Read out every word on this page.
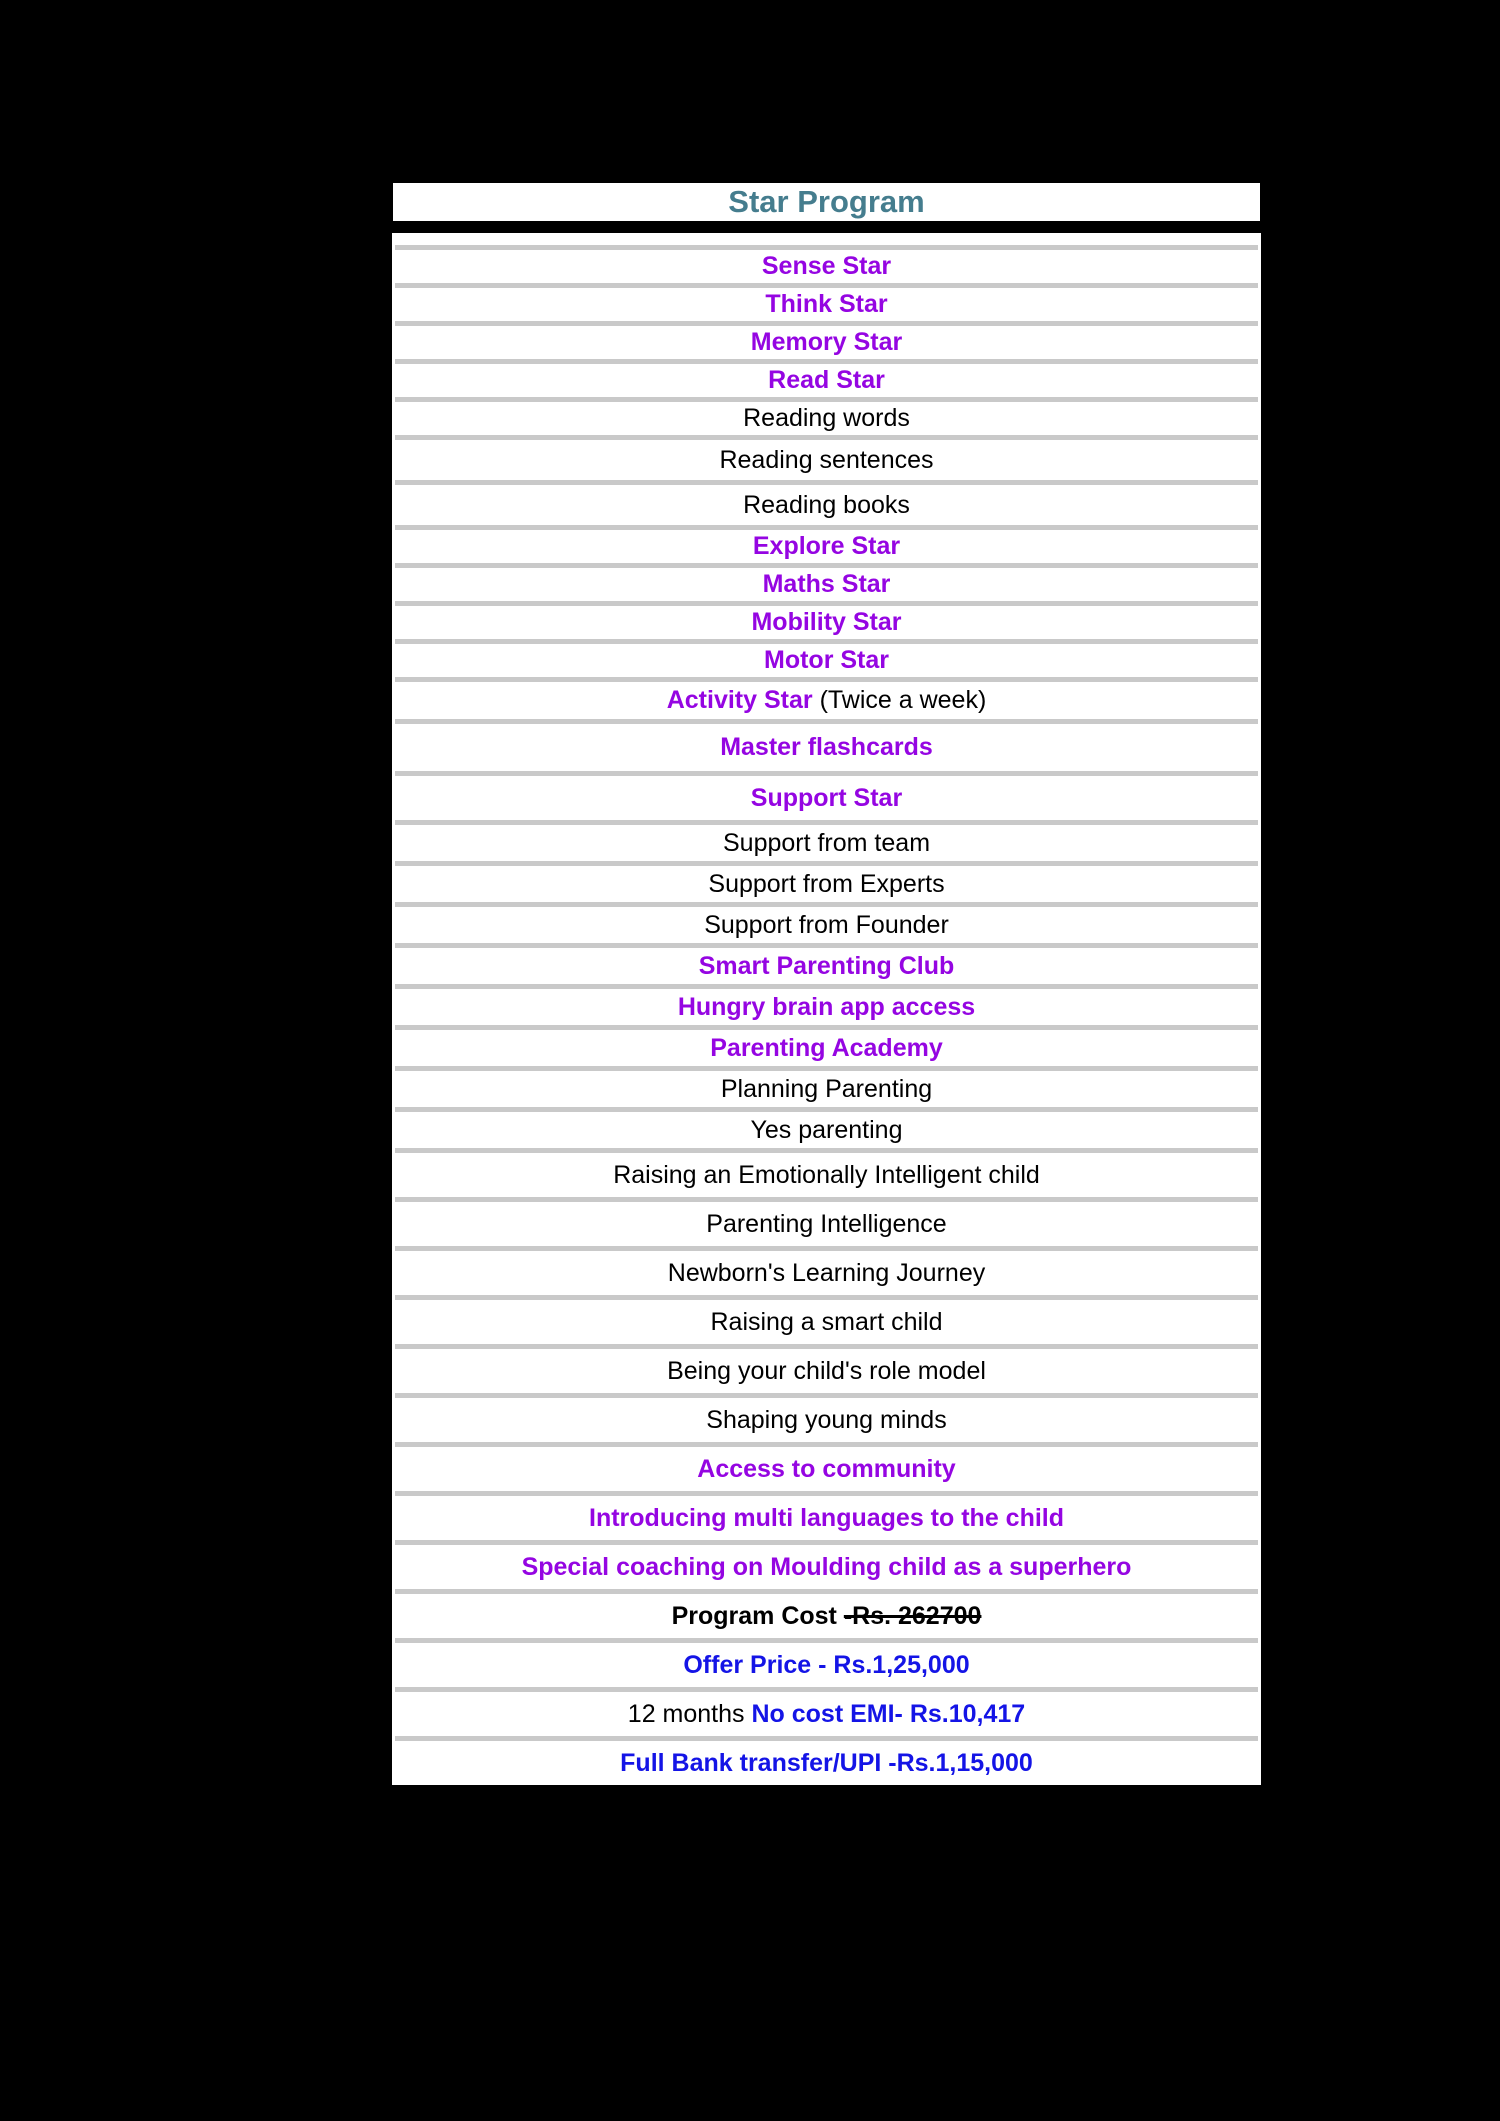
Star Program
Sense Star
Think Star
Memory Star
Read Star
Reading words
Reading sentences
Reading books
Explore Star
Maths Star
Mobility Star
Motor Star
Activity Star (Twice a week)
Master flashcards
Support Star
Support from team
Support from Experts
Support from Founder
Smart Parenting Club
Hungry brain app access
Parenting Academy
Planning Parenting
Yes parenting
Raising an Emotionally Intelligent child
Parenting Intelligence
Newborn's Learning Journey
Raising a smart child
Being your child's role model
Shaping young minds
Access to community
Introducing multi languages to the child
Special coaching on Moulding child as a superhero
Program Cost -Rs. 262700
Offer Price - Rs.1,25,000
12 months No cost EMI- Rs.10,417
Full Bank transfer/UPI -Rs.1,15,000
